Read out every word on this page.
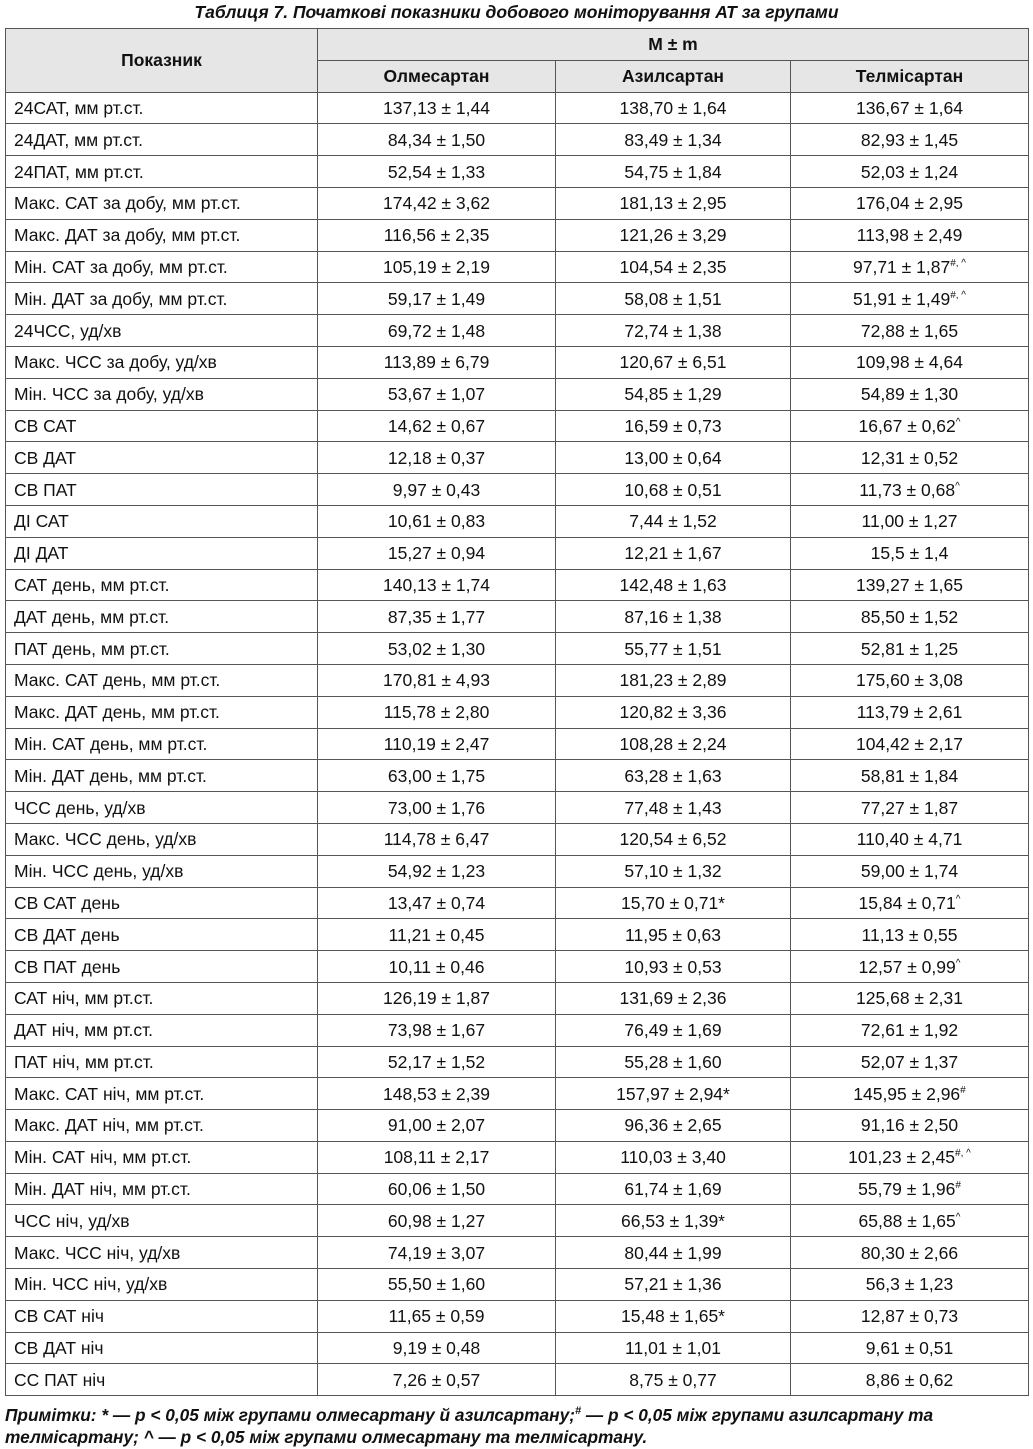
Таблиця 7. Початкові показники добового моніторування АТ за групами
Показник	M ± m		
	Олмесартан	Азилсартан	Телмісартан
24САТ, мм рт.ст.	137,13 ± 1,44	138,70 ± 1,64	136,67 ± 1,64
24ДАТ, мм рт.ст.	84,34 ± 1,50	83,49 ± 1,34	82,93 ± 1,45
24ПАТ, мм рт.ст.	52,54 ± 1,33	54,75 ± 1,84	52,03 ± 1,24
Макс. САТ за добу, мм рт.ст.	174,42 ± 3,62	181,13 ± 2,95	176,04 ± 2,95
Макс. ДАТ за добу, мм рт.ст.	116,56 ± 2,35	121,26 ± 3,29	113,98 ± 2,49
Мін. САТ за добу, мм рт.ст.	105,19 ± 2,19	104,54 ± 2,35	97,71 ± 1,87#, ^
Мін. ДАТ за добу, мм рт.ст.	59,17 ± 1,49	58,08 ± 1,51	51,91 ± 1,49#, ^
24ЧСС, уд/хв	69,72 ± 1,48	72,74 ± 1,38	72,88 ± 1,65
Макс. ЧСС за добу, уд/хв	113,89 ± 6,79	120,67 ± 6,51	109,98 ± 4,64
Мін. ЧСС за добу, уд/хв	53,67 ± 1,07	54,85 ± 1,29	54,89 ± 1,30
СВ САТ	14,62 ± 0,67	16,59 ± 0,73	16,67 ± 0,62^
СВ ДАТ	12,18 ± 0,37	13,00 ± 0,64	12,31 ± 0,52
СВ ПАТ	9,97 ± 0,43	10,68 ± 0,51	11,73 ± 0,68^
ДІ САТ	10,61 ± 0,83	7,44 ± 1,52	11,00 ± 1,27
ДІ ДАТ	15,27 ± 0,94	12,21 ± 1,67	15,5 ± 1,4
САТ день, мм рт.ст.	140,13 ± 1,74	142,48 ± 1,63	139,27 ± 1,65
ДАТ день, мм рт.ст.	87,35 ± 1,77	87,16 ± 1,38	85,50 ± 1,52
ПАТ день, мм рт.ст.	53,02 ± 1,30	55,77 ± 1,51	52,81 ± 1,25
Макс. САТ день, мм рт.ст.	170,81 ± 4,93	181,23 ± 2,89	175,60 ± 3,08
Макс. ДАТ день, мм рт.ст.	115,78 ± 2,80	120,82 ± 3,36	113,79 ± 2,61
Мін. САТ день, мм рт.ст.	110,19 ± 2,47	108,28 ± 2,24	104,42 ± 2,17
Мін. ДАТ день, мм рт.ст.	63,00 ± 1,75	63,28 ± 1,63	58,81 ± 1,84
ЧСС день, уд/хв	73,00 ± 1,76	77,48 ± 1,43	77,27 ± 1,87
Макс. ЧСС день, уд/хв	114,78 ± 6,47	120,54 ± 6,52	110,40 ± 4,71
Мін. ЧСС день, уд/хв	54,92 ± 1,23	57,10 ± 1,32	59,00 ± 1,74
СВ САТ день	13,47 ± 0,74	15,70 ± 0,71*	15,84 ± 0,71^
СВ ДАТ день	11,21 ± 0,45	11,95 ± 0,63	11,13 ± 0,55
СВ ПАТ день	10,11 ± 0,46	10,93 ± 0,53	12,57 ± 0,99^
САТ ніч, мм рт.ст.	126,19 ± 1,87	131,69 ± 2,36	125,68 ± 2,31
ДАТ ніч, мм рт.ст.	73,98 ± 1,67	76,49 ± 1,69	72,61 ± 1,92
ПАТ ніч, мм рт.ст.	52,17 ± 1,52	55,28 ± 1,60	52,07 ± 1,37
Макс. САТ ніч, мм рт.ст.	148,53 ± 2,39	157,97 ± 2,94*	145,95 ± 2,96#
Макс. ДАТ ніч, мм рт.ст.	91,00 ± 2,07	96,36 ± 2,65	91,16 ± 2,50
Мін. САТ ніч, мм рт.ст.	108,11 ± 2,17	110,03 ± 3,40	101,23 ± 2,45#, ^
Мін. ДАТ ніч, мм рт.ст.	60,06 ± 1,50	61,74 ± 1,69	55,79 ± 1,96#
ЧСС ніч, уд/хв	60,98 ± 1,27	66,53 ± 1,39*	65,88 ± 1,65^
Макс. ЧСС ніч, уд/хв	74,19 ± 3,07	80,44 ± 1,99	80,30 ± 2,66
Мін. ЧСС ніч, уд/хв	55,50 ± 1,60	57,21 ± 1,36	56,3 ± 1,23
СВ САТ ніч	11,65 ± 0,59	15,48 ± 1,65*	12,87 ± 0,73
СВ ДАТ ніч	9,19 ± 0,48	11,01 ± 1,01	9,61 ± 0,51
СС ПАТ ніч	7,26 ± 0,57	8,75 ± 0,77	8,86 ± 0,62
Примітки: * — р < 0,05 між групами олмесартану й азилсартану;# — р < 0,05 між групами азилсартану та телмісартану; ^ — р < 0,05 між групами олмесартану та телмісартану.
